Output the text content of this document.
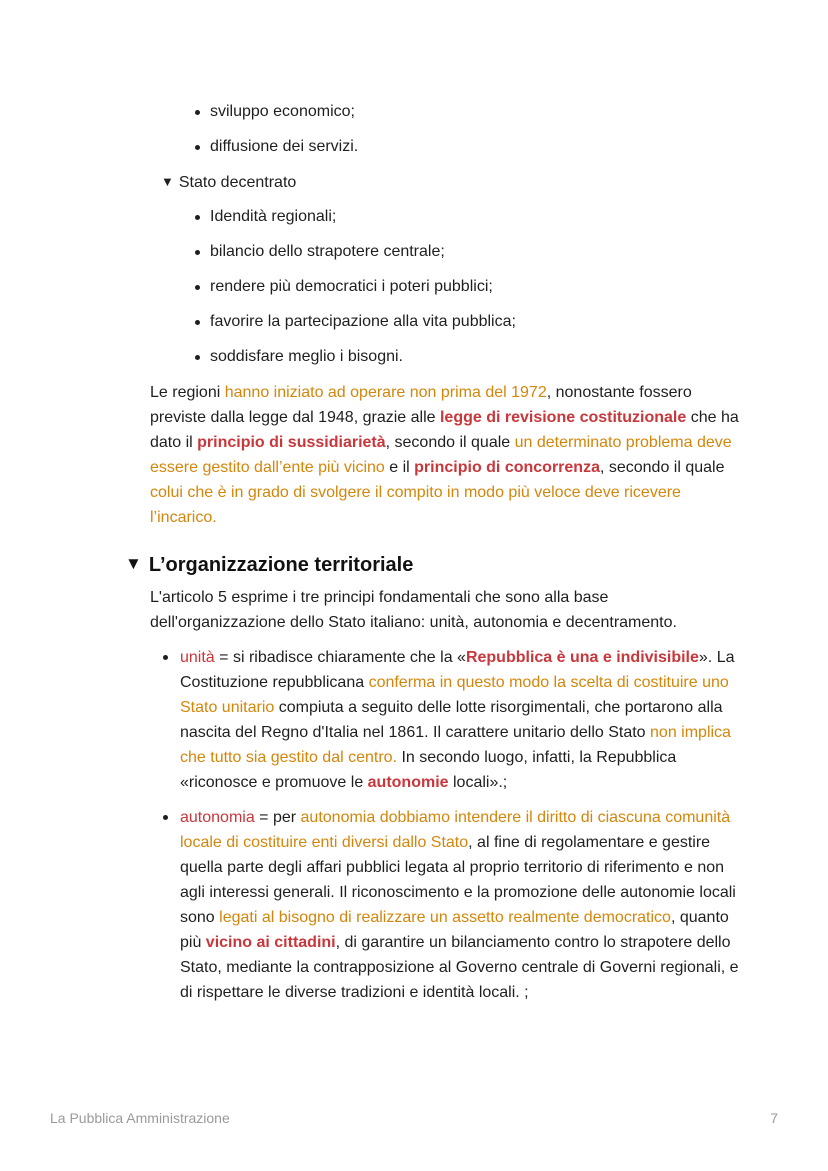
sviluppo economico;
diffusione dei servizi.
▼ Stato decentrato
Idendità regionali;
bilancio dello strapotere centrale;
rendere più democratici i poteri pubblici;
favorire la partecipazione alla vita pubblica;
soddisfare meglio i bisogni.

Le regioni hanno iniziato ad operare non prima del 1972, nonostante fossero previste dalla legge dal 1948, grazie alle legge di revisione costituzionale che ha dato il principio di sussidiarietà, secondo il quale un determinato problema deve essere gestito dall’ente più vicino e il principio di concorrenza, secondo il quale colui che è in grado di svolgere il compito in modo più veloce deve ricevere l’incarico.

▼ L’organizzazione territoriale

L'articolo 5 esprime i tre principi fondamentali che sono alla base dell'organizzazione dello Stato italiano: unità, autonomia e decentramento.

unità = si ribadisce chiaramente che la «Repubblica è una e indivisibile». La Costituzione repubblicana conferma in questo modo la scelta di costituire uno Stato unitario compiuta a seguito delle lotte risorgimentali, che portarono alla nascita del Regno d'Italia nel 1861. Il carattere unitario dello Stato non implica che tutto sia gestito dal centro. In secondo luogo, infatti, la Repubblica «riconosce e promuove le autonomie locali».;
autonomia = per autonomia dobbiamo intendere il diritto di ciascuna comunità locale di costituire enti diversi dallo Stato, al fine di regolamentare e gestire quella parte degli affari pubblici legata al proprio territorio di riferimento e non agli interessi generali. Il riconoscimento e la promozione delle autonomie locali sono legati al bisogno di realizzare un assetto realmente democratico, quanto più vicino ai cittadini, di garantire un bilanciamento contro lo strapotere dello Stato, mediante la contrapposizione al Governo centrale di Governi regionali, e di rispettare le diverse tradizioni e identità locali. ;
La Pubblica Amministrazione	7
